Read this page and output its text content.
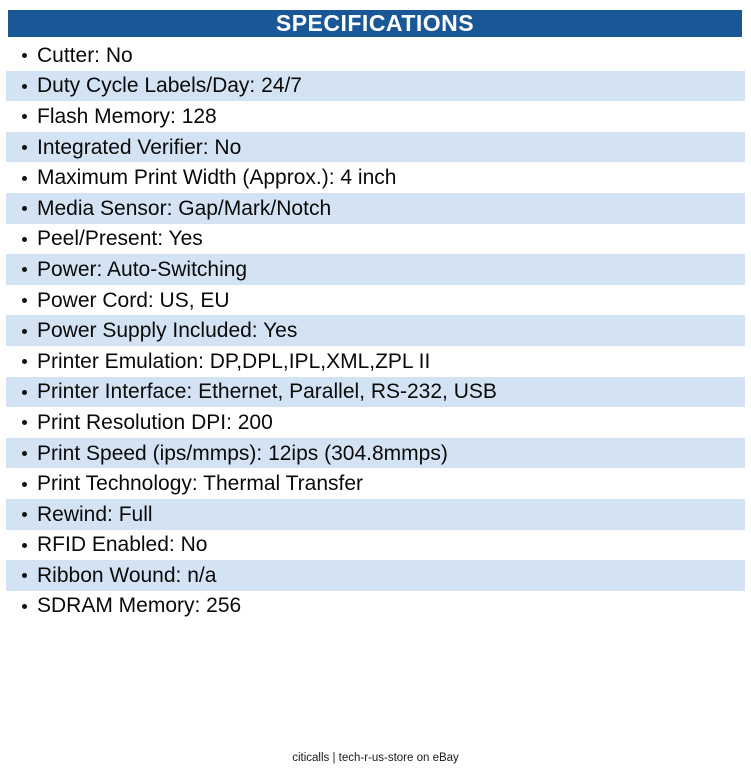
SPECIFICATIONS
Cutter: No
Duty Cycle Labels/Day: 24/7
Flash Memory: 128
Integrated Verifier: No
Maximum Print Width (Approx.): 4 inch
Media Sensor: Gap/Mark/Notch
Peel/Present: Yes
Power: Auto-Switching
Power Cord: US, EU
Power Supply Included: Yes
Printer Emulation: DP,DPL,IPL,XML,ZPL II
Printer Interface: Ethernet, Parallel, RS-232, USB
Print Resolution DPI: 200
Print Speed (ips/mmps): 12ips (304.8mmps)
Print Technology: Thermal Transfer
Rewind: Full
RFID Enabled: No
Ribbon Wound: n/a
SDRAM Memory: 256
citicalls | tech-r-us-store on eBay
